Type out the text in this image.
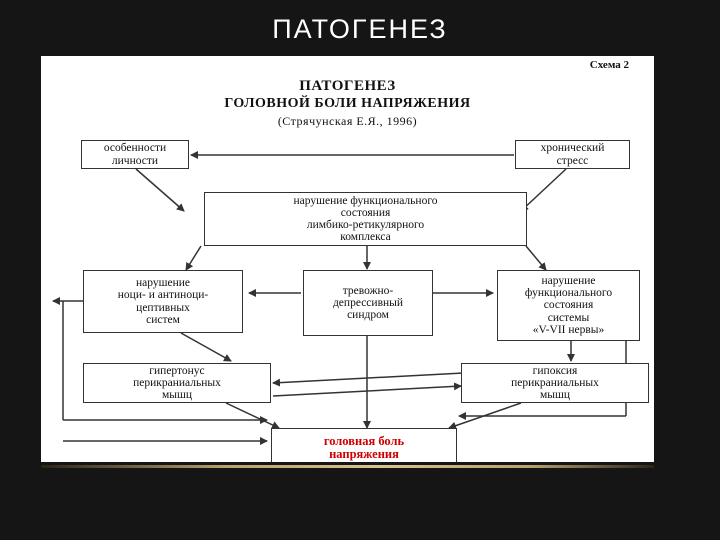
ПАТОГЕНЕЗ
Схема 2
ПАТОГЕНЕЗ
ГОЛОВНОЙ БОЛИ НАПРЯЖЕНИЯ
(Стрячунская Е.Я., 1996)
особенности
личности
хронический
стресс
нарушение функционального
состояния
лимбико-ретикулярного
комплекса
нарушение
ноци- и антиноци-
цептивных
систем
тревожно-
депрессивный
синдром
нарушение
функционального
состояния
системы
«V-VII нервы»
гипертонус
перикраниальных
мышц
гипоксия
перикраниальных
мышц
головная боль
напряжения
